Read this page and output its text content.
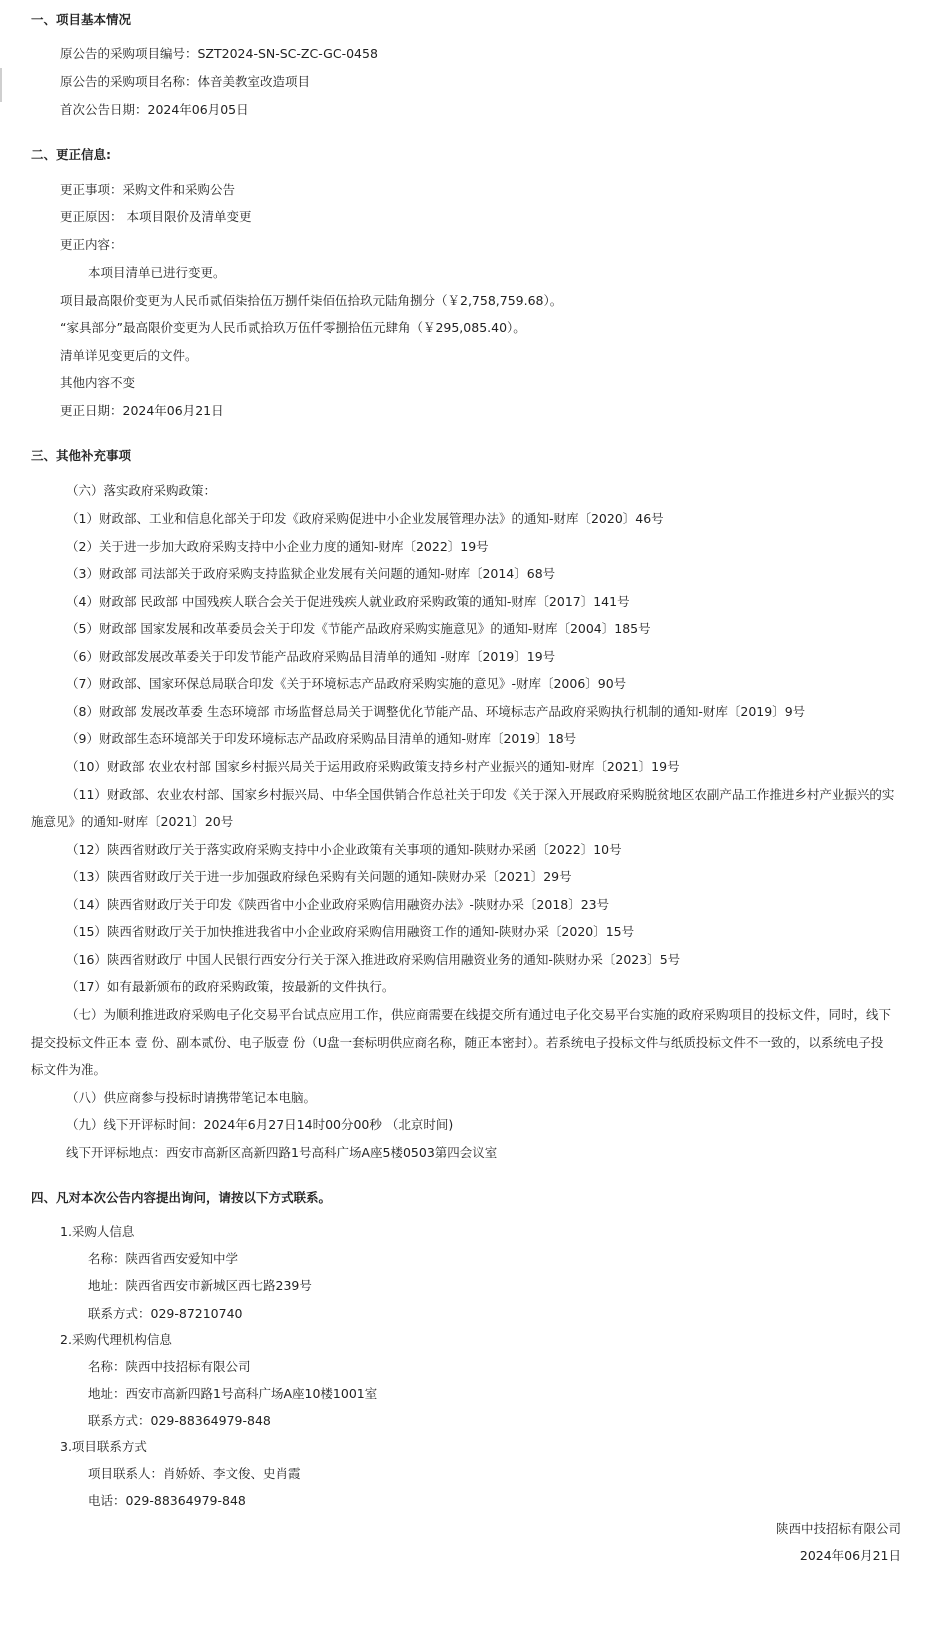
一、项目基本情况
原公告的采购项目编号：SZT2024-SN-SC-ZC-GC-0458
原公告的采购项目名称：体音美教室改造项目
首次公告日期：2024年06月05日
二、更正信息:
更正事项：采购文件和采购公告
更正原因： 本项目限价及清单变更
更正内容：
本项目清单已进行变更。
项目最高限价变更为人民币贰佰柒拾伍万捌仟柒佰伍拾玖元陆角捌分（￥2,758,759.68）。
“家具部分”最高限价变更为人民币贰拾玖万伍仟零捌拾伍元肆角（￥295,085.40）。
清单详见变更后的文件。
其他内容不变
更正日期：2024年06月21日
三、其他补充事项
（六）落实政府采购政策：
（1）财政部、工业和信息化部关于印发《政府采购促进中小企业发展管理办法》的通知-财库〔2020〕46号
（2）关于进一步加大政府采购支持中小企业力度的通知-财库〔2022〕19号
（3）财政部 司法部关于政府采购支持监狱企业发展有关问题的通知-财库〔2014〕68号
（4）财政部 民政部 中国残疾人联合会关于促进残疾人就业政府采购政策的通知-财库〔2017〕141号
（5）财政部 国家发展和改革委员会关于印发《节能产品政府采购实施意见》的通知-财库〔2004〕185号
（6）财政部发展改革委关于印发节能产品政府采购品目清单的通知 -财库〔2019〕19号
（7）财政部、国家环保总局联合印发《关于环境标志产品政府采购实施的意见》-财库〔2006〕90号
（8）财政部 发展改革委 生态环境部 市场监督总局关于调整优化节能产品、环境标志产品政府采购执行机制的通知-财库〔2019〕9号
（9）财政部生态环境部关于印发环境标志产品政府采购品目清单的通知-财库〔2019〕18号
（10）财政部 农业农村部 国家乡村振兴局关于运用政府采购政策支持乡村产业振兴的通知-财库〔2021〕19号
（11）财政部、农业农村部、国家乡村振兴局、中华全国供销合作总社关于印发《关于深入开展政府采购脱贫地区农副产品工作推进乡村产业振兴的实
施意见》的通知-财库〔2021〕20号
（12）陕西省财政厅关于落实政府采购支持中小企业政策有关事项的通知-陕财办采函〔2022〕10号
（13）陕西省财政厅关于进一步加强政府绿色采购有关问题的通知-陕财办采〔2021〕29号
（14）陕西省财政厅关于印发《陕西省中小企业政府采购信用融资办法》-陕财办采〔2018〕23号
（15）陕西省财政厅关于加快推进我省中小企业政府采购信用融资工作的通知-陕财办采〔2020〕15号
（16）陕西省财政厅 中国人民银行西安分行关于深入推进政府采购信用融资业务的通知-陕财办采〔2023〕5号
（17）如有最新颁布的政府采购政策，按最新的文件执行。
（七）为顺利推进政府采购电子化交易平台试点应用工作，供应商需要在线提交所有通过电子化交易平台实施的政府采购项目的投标文件，同时，线下
提交投标文件正本 壹 份、副本贰份、电子版壹 份（U盘一套标明供应商名称，随正本密封）。若系统电子投标文件与纸质投标文件不一致的，以系统电子投
标文件为准。
（八）供应商参与投标时请携带笔记本电脑。
（九）线下开评标时间：2024年6月27日14时00分00秒 （北京时间)
线下开评标地点：西安市高新区高新四路1号高科广场A座5楼0503第四会议室
四、凡对本次公告内容提出询问，请按以下方式联系。
1.采购人信息
名称：陕西省西安爱知中学
地址：陕西省西安市新城区西七路239号
联系方式：029-87210740
2.采购代理机构信息
名称：陕西中技招标有限公司
地址：西安市高新四路1号高科广场A座10楼1001室
联系方式：029-88364979-848
3.项目联系方式
项目联系人：肖娇娇、李文俊、史肖霞
电话：029-88364979-848
陕西中技招标有限公司
2024年06月21日
